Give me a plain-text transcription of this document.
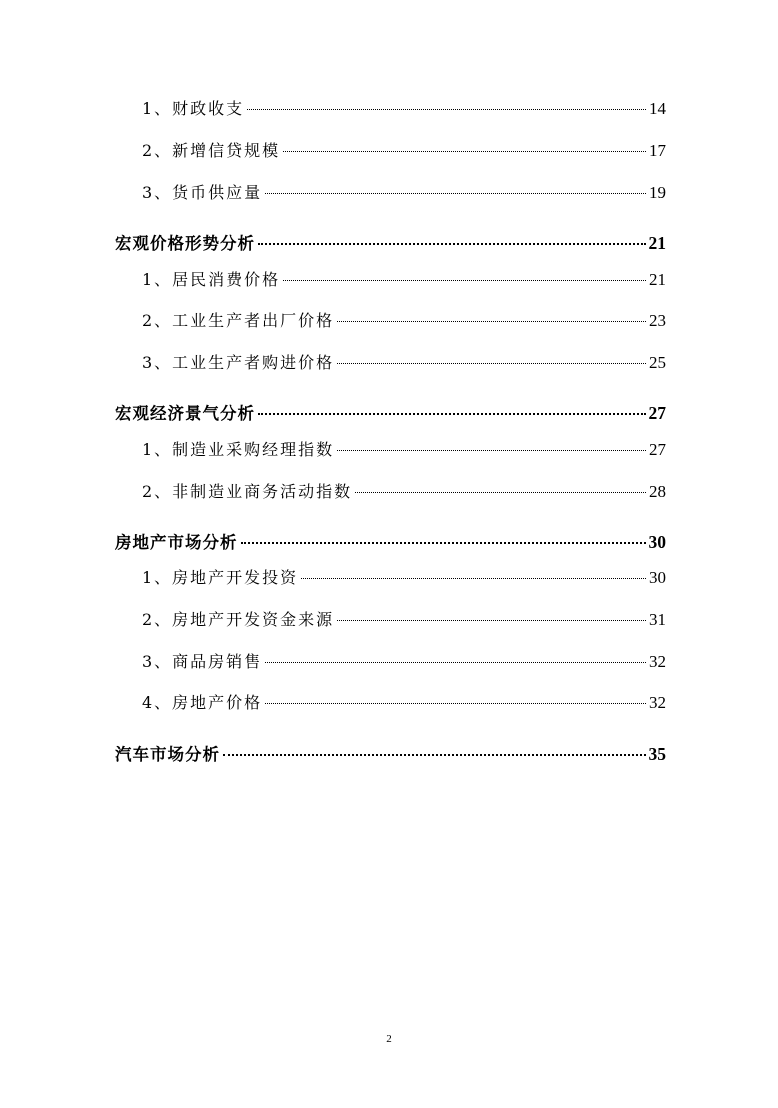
1、财政收支	14
2、新增信贷规模	17
3、货币供应量	19
宏观价格形势分析	21
1、居民消费价格	21
2、工业生产者出厂价格	23
3、工业生产者购进价格	25
宏观经济景气分析	27
1、制造业采购经理指数	27
2、非制造业商务活动指数	28
房地产市场分析	30
1、房地产开发投资	30
2、房地产开发资金来源	31
3、商品房销售	32
4、房地产价格	32
汽车市场分析	35
2
